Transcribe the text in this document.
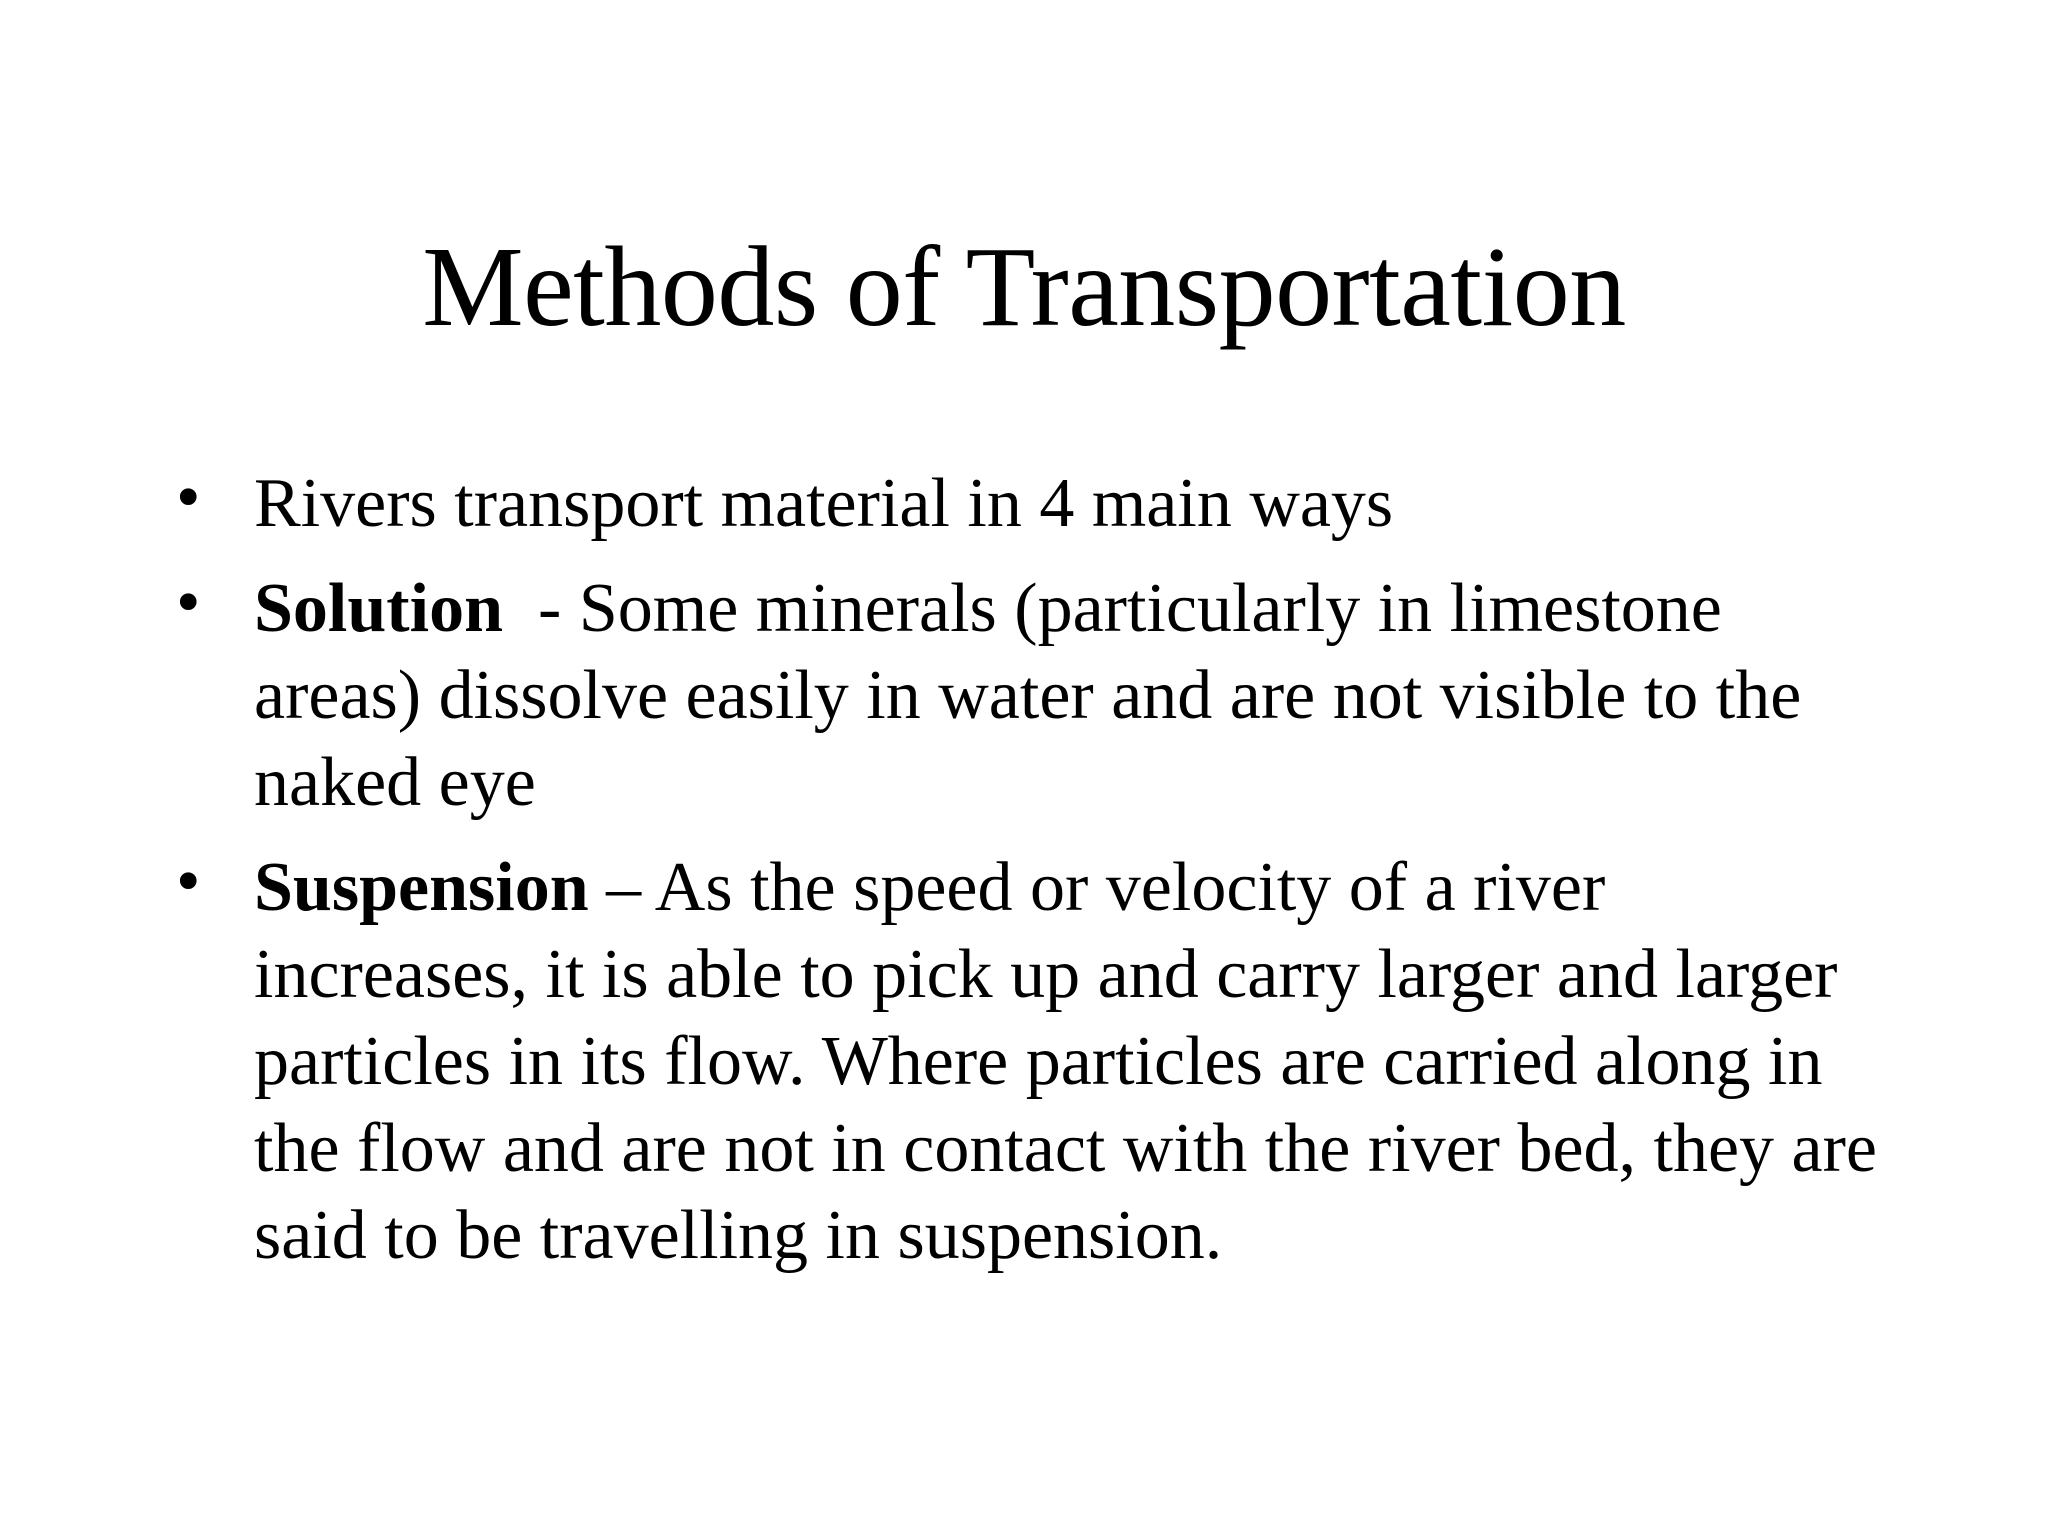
Methods of Transportation
• Rivers transport material in 4 main ways
• Solution  - Some minerals (particularly in limestone areas) dissolve easily in water and are not visible to the naked eye
• Suspension – As the speed or velocity of a river increases, it is able to pick up and carry larger and larger particles in its flow. Where particles are carried along in the flow and are not in contact with the river bed, they are said to be travelling in suspension.
